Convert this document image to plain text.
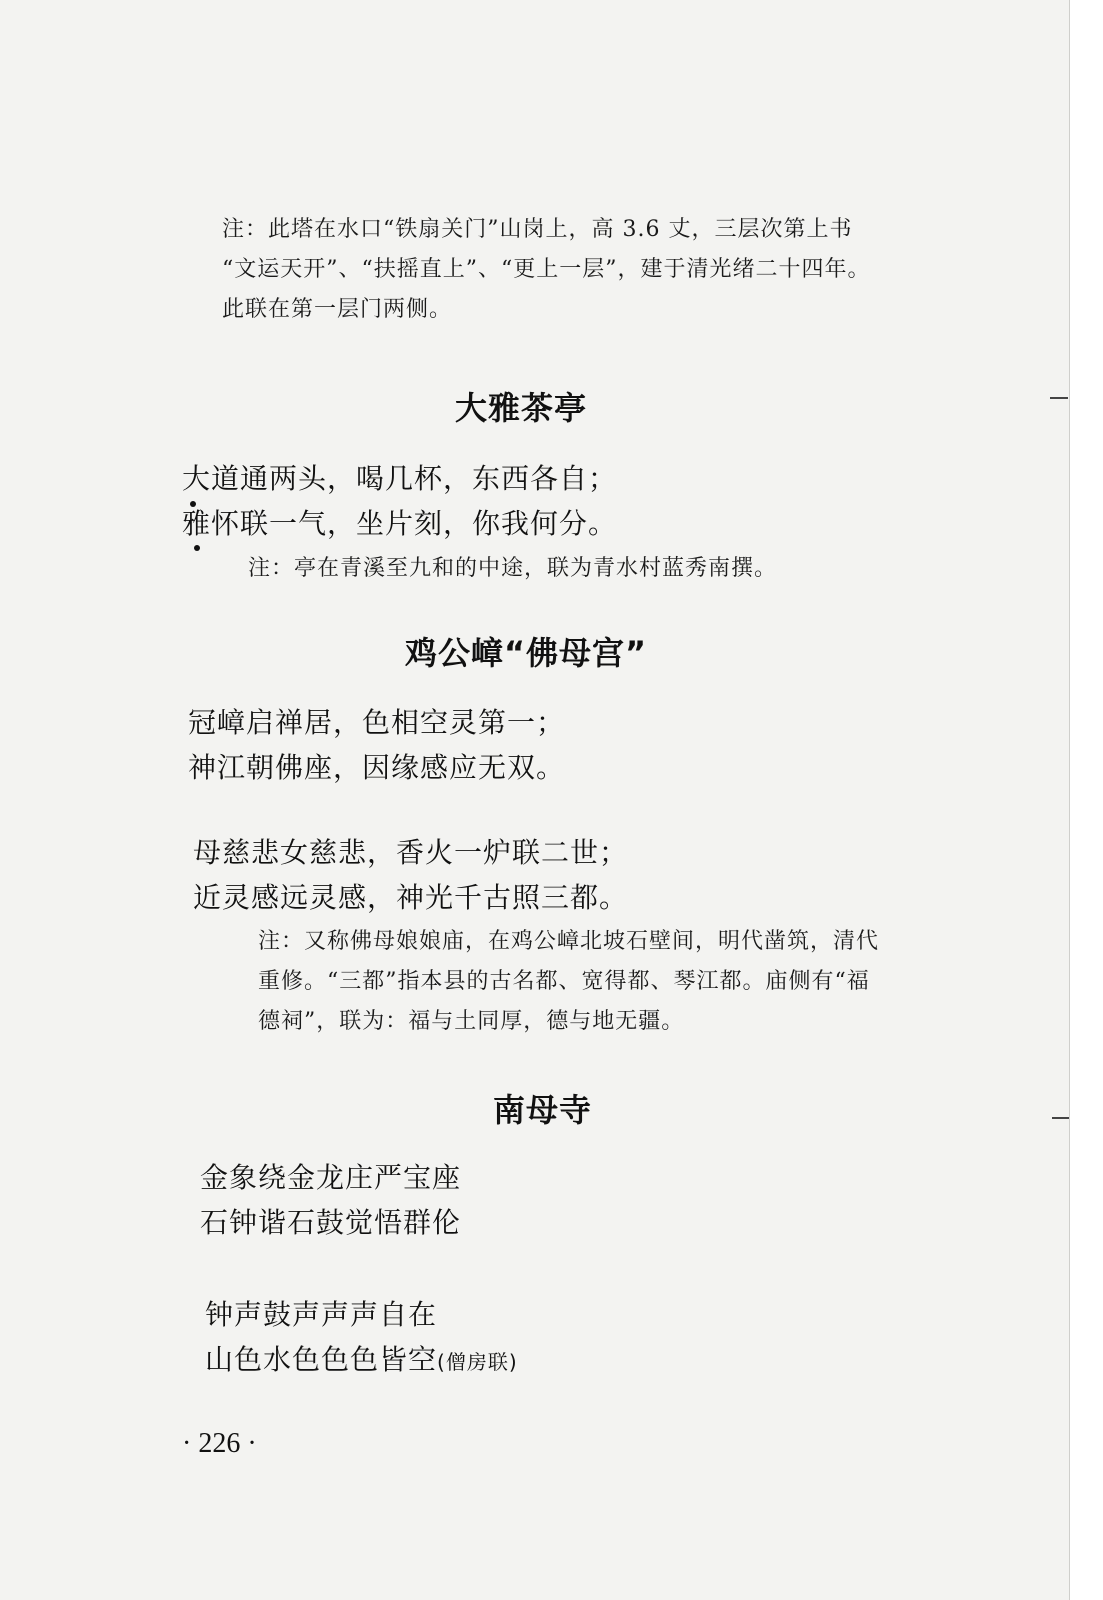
注：此塔在水口“铁扇关门”山岗上，高 3.6 丈，三层次第上书

“文运天开”、“扶摇直上”、“更上一层”，建于清光绪二十四年。

此联在第一层门两侧。

大雅茶亭

大道通两头，喝几杯，东西各自；

雅怀联一气，坐片刻，你我何分。

注：亭在青溪至九和的中途，联为青水村蓝秀南撰。

鸡公嶂“佛母宫”

冠嶂启禅居，色相空灵第一；

神江朝佛座，因缘感应无双。

母慈悲女慈悲，香火一炉联二世；

近灵感远灵感，神光千古照三都。

注：又称佛母娘娘庙，在鸡公嶂北坡石壁间，明代凿筑，清代

重修。“三都”指本县的古名都、宽得都、琴江都。庙侧有“福

德祠”，联为：福与土同厚，德与地无疆。

南母寺

金象绕金龙庄严宝座

石钟谐石鼓觉悟群伦

钟声鼓声声声自在

山色水色色色皆空(僧房联)

· 226 ·
